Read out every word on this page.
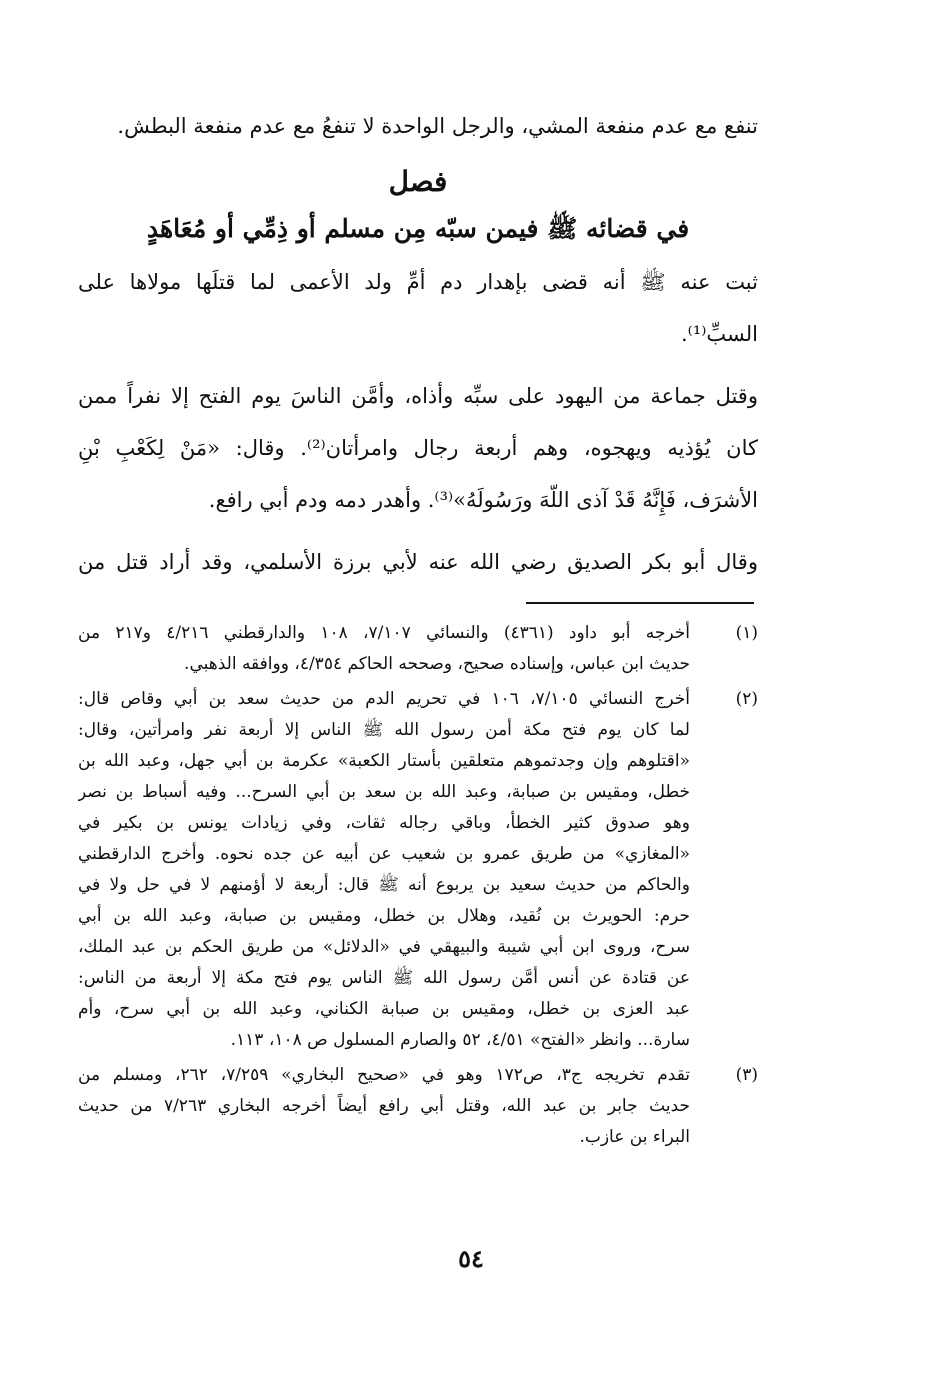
تنفع مع عدم منفعة المشي، والرجل الواحدة لا تنفعُ مع عدم منفعة البطش.
فصل
في قضائه ﷺ فيمن سبّه مِن مسلم أو ذِمِّي أو مُعَاهَدٍ
ثبت عنه ﷺ أنه قضى بإهدار دم أمِّ ولد الأعمى لما قتلَها مولاها على
السبِّ⁽¹⁾.
وقتل جماعة من اليهود على سبِّه وأذاه، وأمَّن الناسَ يوم الفتح إلا نفراً ممن
كان يُؤذيه ويهجوه، وهم أربعة رجال وامرأتان⁽²⁾. وقال: «مَنْ لِكَعْبِ بْنِ
الأشرَف، فَإِنَّهُ قَدْ آذى اللّهَ ورَسُولَهُ»⁽³⁾. وأهدر دمه ودم أبي رافع.
وقال أبو بكر الصديق رضي الله عنه لأبي برزة الأسلمي، وقد أراد قتل من
(١)
أخرجه أبو داود (٤٣٦١) والنسائي ٧/١٠٧، ١٠٨ والدارقطني ٤/٢١٦ و٢١٧ من
حديث ابن عباس، وإسناده صحيح، وصححه الحاكم ٤/٣٥٤، ووافقه الذهبي.
(٢)
أخرج النسائي ٧/١٠٥، ١٠٦ في تحريم الدم من حديث سعد بن أبي وقاص قال:
لما كان يوم فتح مكة أمن رسول الله ﷺ الناس إلا أربعة نفر وامرأتين، وقال:
«اقتلوهم وإن وجدتموهم متعلقين بأستار الكعبة» عكرمة بن أبي جهل، وعبد الله بن
خطل، ومقيس بن صبابة، وعبد الله بن سعد بن أبي السرح... وفيه أسباط بن نصر
وهو صدوق كثير الخطأ، وباقي رجاله ثقات، وفي زيادات يونس بن بكير في
«المغازي» من طريق عمرو بن شعيب عن أبيه عن جده نحوه. وأخرج الدارقطني
والحاكم من حديث سعيد بن يربوع أنه ﷺ قال: أربعة لا أؤمنهم لا في حل ولا في
حرم: الحويرث بن نُقيد، وهلال بن خطل، ومقيس بن صبابة، وعبد الله بن أبي
سرح، وروى ابن أبي شيبة والبيهقي في «الدلائل» من طريق الحكم بن عبد الملك،
عن قتادة عن أنس أمَّن رسول الله ﷺ الناس يوم فتح مكة إلا أربعة من الناس:
عبد العزى بن خطل، ومقيس بن صبابة الكناني، وعبد الله بن أبي سرح، وأم
سارة... وانظر «الفتح» ٤/٥١، ٥٢ والصارم المسلول ص ١٠٨، ١١٣.
(٣)
تقدم تخريجه ج٣، ص١٧٢ وهو في «صحيح البخاري» ٧/٢٥٩، ٢٦٢، ومسلم من
حديث جابر بن عبد الله، وقتل أبي رافع أيضاً أخرجه البخاري ٧/٢٦٣ من حديث
البراء بن عازب.
٥٤
